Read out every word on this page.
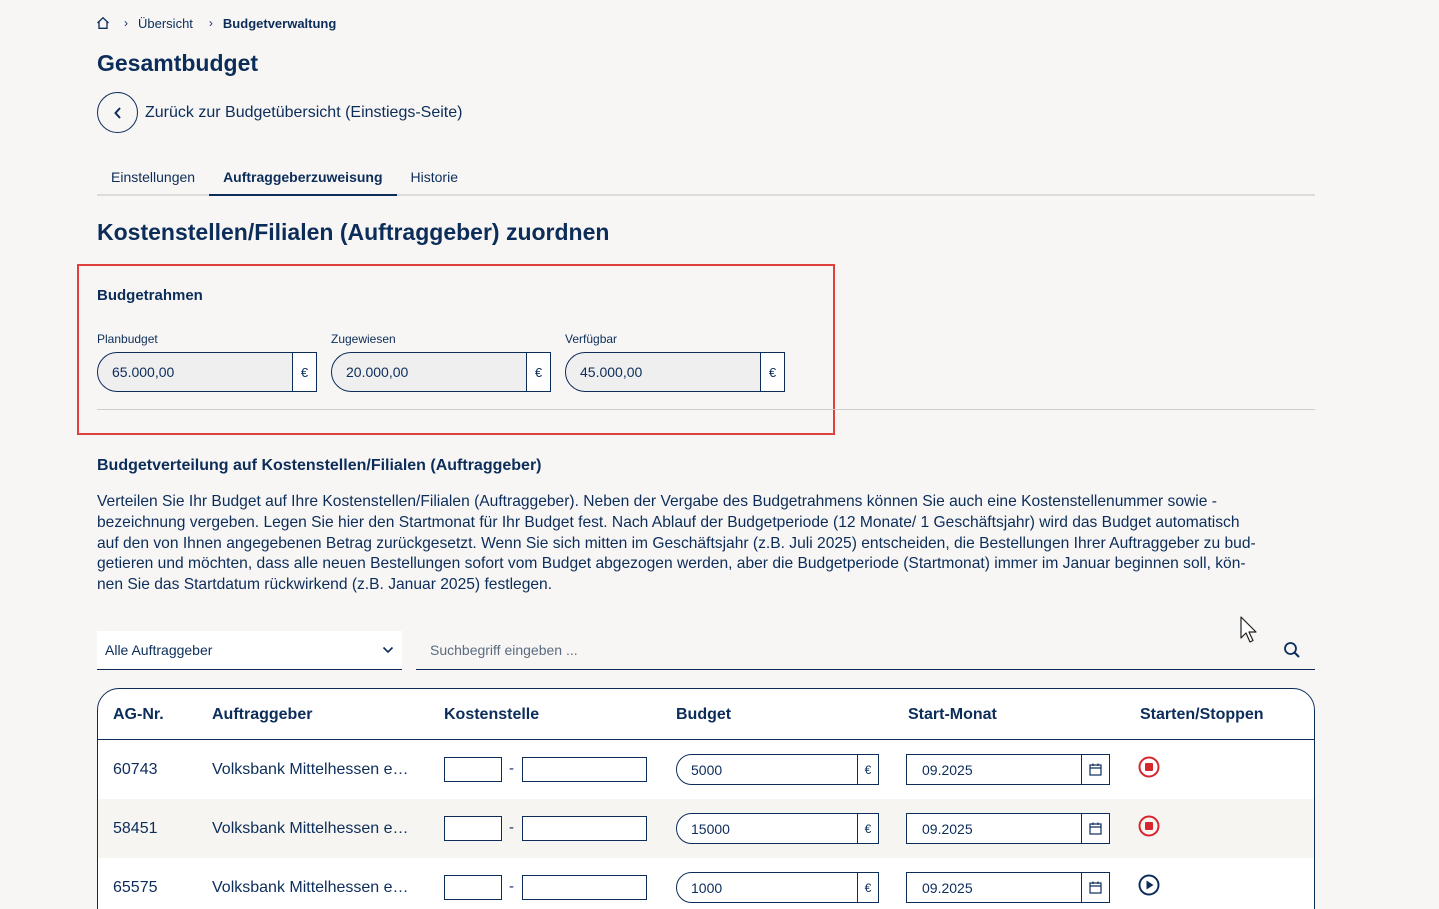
› Übersicht › Budgetverwaltung
Gesamtbudget
Zurück zur Budgetübersicht (Einstiegs-Seite)
Einstellungen	Auftraggeberzuweisung	Historie
Kostenstellen/Filialen (Auftraggeber) zuordnen
Budgetrahmen
Planbudget
65.000,00	€
Zugewiesen
20.000,00	€
Verfügbar
45.000,00	€
Budgetverteilung auf Kostenstellen/Filialen (Auftraggeber)
Verteilen Sie Ihr Budget auf Ihre Kostenstellen/Filialen (Auftraggeber). Neben der Vergabe des Budgetrahmens können Sie auch eine Kostenstellenummer sowie -
bezeichnung vergeben. Legen Sie hier den Startmonat für Ihr Budget fest. Nach Ablauf der Budgetperiode (12 Monate/ 1 Geschäftsjahr) wird das Budget automatisch
auf den von Ihnen angegebenen Betrag zurückgesetzt. Wenn Sie sich mitten im Geschäftsjahr (z.B. Juli 2025) entscheiden, die Bestellungen Ihrer Auftraggeber zu bud-
getieren und möchten, dass alle neuen Bestellungen sofort vom Budget abgezogen werden, aber die Budgetperiode (Startmonat) immer im Januar beginnen soll, kön-
nen Sie das Startdatum rückwirkend (z.B. Januar 2025) festlegen.
Alle Auftraggeber
Suchbegriff eingeben ...
AG-Nr.	Auftraggeber	Kostenstelle	Budget	Start-Monat	Starten/Stoppen
60743	Volksbank Mittelhessen e…	-	5000	€	09.2025
58451	Volksbank Mittelhessen e…	-	15000	€	09.2025
65575	Volksbank Mittelhessen e…	-	1000	€	09.2025
